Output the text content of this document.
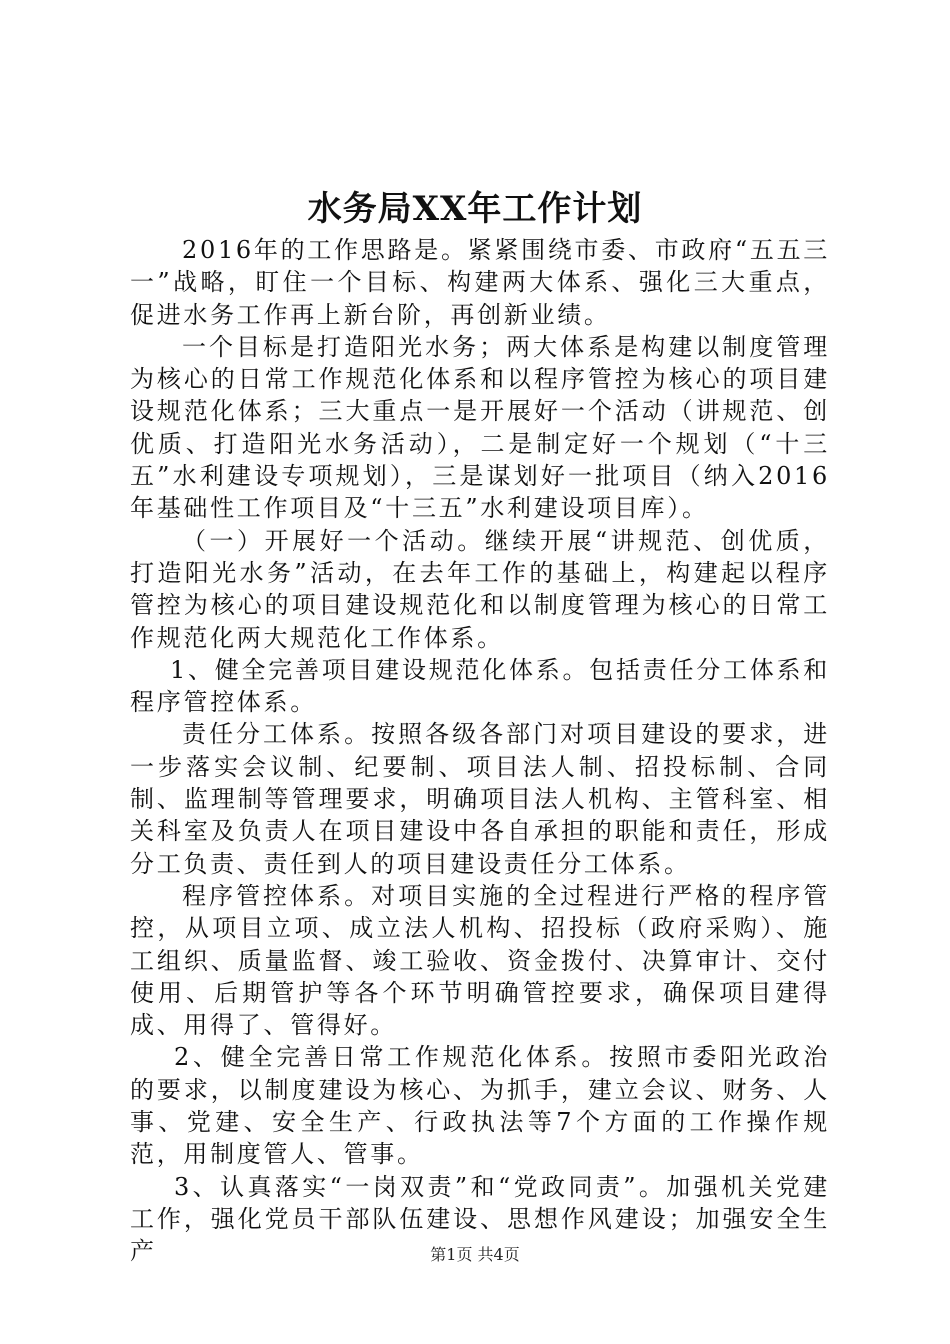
水务局XX年工作计划

2016年的工作思路是。紧紧围绕市委、市政府“五五三一”战略，盯住一个目标、构建两大体系、强化三大重点，促进水务工作再上新台阶，再创新业绩。

一个目标是打造阳光水务；两大体系是构建以制度管理为核心的日常工作规范化体系和以程序管控为核心的项目建设规范化体系；三大重点一是开展好一个活动（讲规范、创优质、打造阳光水务活动），二是制定好一个规划（“十三五”水利建设专项规划），三是谋划好一批项目（纳入2016年基础性工作项目及“十三五”水利建设项目库）。

（一）开展好一个活动。继续开展“讲规范、创优质，打造阳光水务”活动，在去年工作的基础上，构建起以程序管控为核心的项目建设规范化和以制度管理为核心的日常工作规范化两大规范化工作体系。

1、健全完善项目建设规范化体系。包括责任分工体系和程序管控体系。

责任分工体系。按照各级各部门对项目建设的要求，进一步落实会议制、纪要制、项目法人制、招投标制、合同制、监理制等管理要求，明确项目法人机构、主管科室、相关科室及负责人在项目建设中各自承担的职能和责任，形成分工负责、责任到人的项目建设责任分工体系。

程序管控体系。对项目实施的全过程进行严格的程序管控，从项目立项、成立法人机构、招投标（政府采购）、施工组织、质量监督、竣工验收、资金拨付、决算审计、交付使用、后期管护等各个环节明确管控要求，确保项目建得成、用得了、管得好。

2、健全完善日常工作规范化体系。按照市委阳光政治的要求，以制度建设为核心、为抓手，建立会议、财务、人事、党建、安全生产、行政执法等7个方面的工作操作规范，用制度管人、管事。

3、认真落实“一岗双责”和“党政同责”。加强机关党建工作，强化党员干部队伍建设、思想作风建设；加强安全生产	第1页 共4页
